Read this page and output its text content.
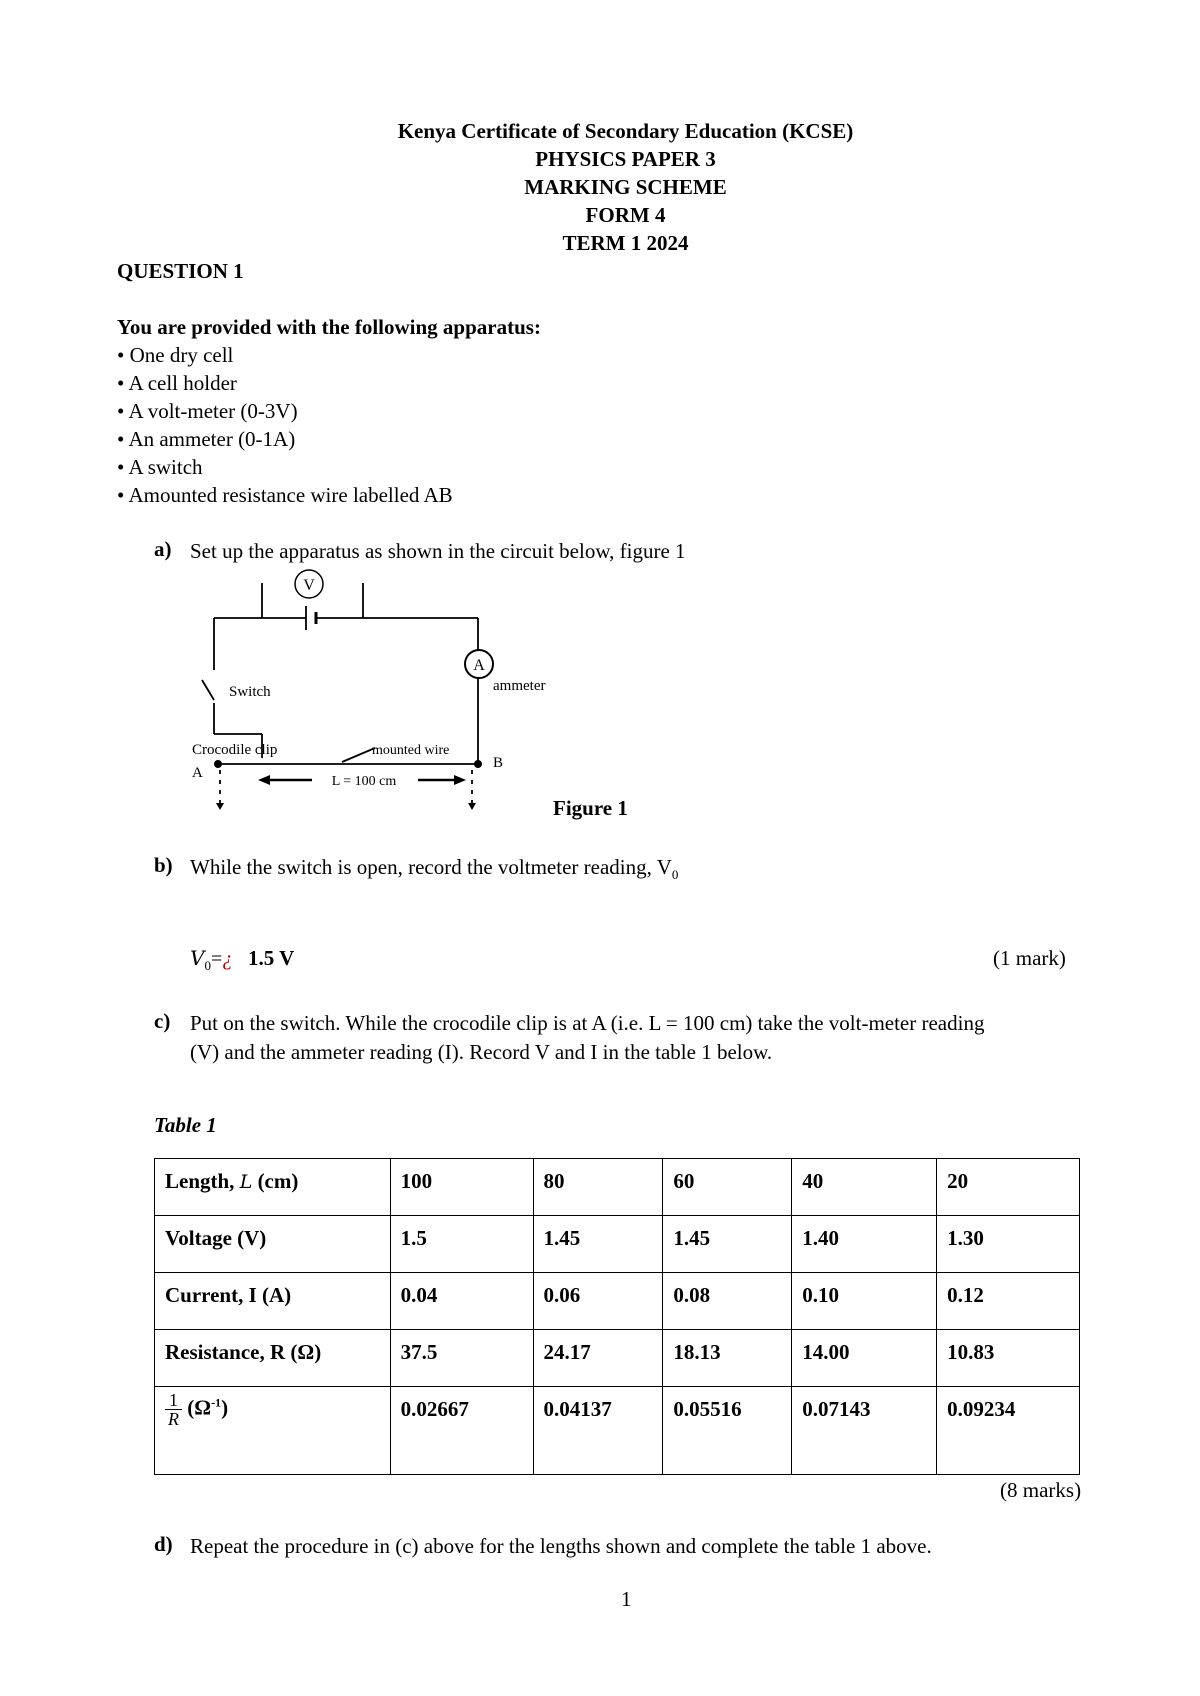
Kenya Certificate of Secondary Education (KCSE)
PHYSICS PAPER 3
MARKING SCHEME
FORM 4
TERM 1 2024
QUESTION 1
You are provided with the following apparatus:
• One dry cell
• A cell holder
• A volt-meter (0-3V)
• An ammeter (0-1A)
• A switch
• Amounted resistance wire labelled AB
a) Set up the apparatus as shown in the circuit below, figure 1
V
A
ammeter
Switch
Crocodile clip	mounted wire
A
B
L = 100 cm
Figure 1
b) While the switch is open, record the voltmeter reading, $V_0$
$V_0=¿$ 1.5 V	(1 mark)
c) Put on the switch. While the crocodile clip is at A (i.e. L = 100 cm) take the volt-meter reading
(V) and the ammeter reading (I). Record V and I in the table 1 below.
Table 1
Length, L (cm)	100	80	60	40	20
Voltage (V)	1.5	1.45	1.45	1.40	1.30
Current, I (A)	0.04	0.06	0.08	0.10	0.12
Resistance, R (Ω)	37.5	24.17	18.13	14.00	10.83

$\frac{1}{R} (\Omega^{-1})$	0.02667	0.04137	0.05516	0.07143	0.09234
(8 marks)
d) Repeat the procedure in (c) above for the lengths shown and complete the table 1 above.
1
